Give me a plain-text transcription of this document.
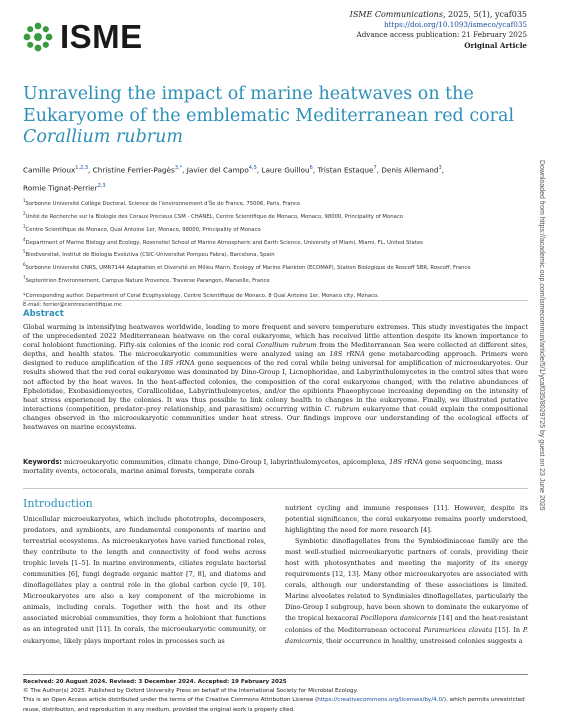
ISME
ISME Communications, 2025, 5(1), ycaf035
https://doi.org/10.1093/ismeco/ycaf035
Advance access publication: 21 February 2025
Original Article
Unraveling the impact of marine heatwaves on the Eukaryome of the emblematic Mediterranean red coral
Corallium rubrum
Camille Prioux$^{1,2,3}$, Christine Ferrier-Pagès$^{3,*}$, Javier del Campo$^{4,5}$, Laure Guillou$^6$, Tristan Estaque$^7$, Denis Allemand$^3$,
Romie Tignat-Perrier$^{2,3}$

$^1$Sorbonne Université Collège Doctoral, Science de l’environnement d’Île de France, 75006, Paris, France

$^2$Unité de Recherche sur la Biologie des Coraux Précieux CSM - CHANEL, Centre Scientifique de Monaco, Monaco, 98000, Principality of Monaco

$^3$Centre Scientifique de Monaco, Quai Antoine 1er, Monaco, 98000, Principality of Monaco

$^4$Department of Marine Biology and Ecology, Rosenstiel School of Marine Atmospheric and Earth Science, University of Miami, Miami, FL, United States

$^5$Biodiversitat, Institut de Biologia Evolutiva (CSIC-Universitat Pompeu Fabra), Barcelona, Spain

$^6$Sorbonne Université CNRS, UMR7144 Adaptation et Diversité en Milieu Marin, Ecology of Marine Plankton (ECOMAP), Station Biologique de Roscoff SBR, Roscoff, France

$^7$Septentrion Environnement, Campus Nature Provence, Traverse Parangon, Marseille, France

*Corresponding author. Department of Coral Ecophysiology, Centre Scientifique de Monaco, 8 Quai Antoine 1er, Monaco city, Monaco.

E-mail: ferrier@centrescientifique.mc	Downloaded from https://academic.oup.com/ismecommun/article/5/1/ycaf035/8029725 by guest on 23 June 2025
Abstract
Global warming is intensifying heatwaves worldwide, leading to more frequent and severe temperature extremes. This study investigates the impact of the unprecedented 2022 Mediterranean heatwave on the coral eukaryome, which has received little attention despite its known importance to coral holobiont functioning. Fifty-six colonies of the iconic red coral Corallium rubrum from the Mediterranean Sea were collected at different sites, depths, and health states. The microeukaryotic communities were analyzed using an 18S rRNA gene metabarcoding approach. Primers were designed to reduce amplification of the 18S rRNA gene sequences of the red coral while being universal for amplification of microeukaryotes. Our results showed that the red coral eukaryome was dominated by Dino-Group I, Licnophoridae, and Labyrinthulomycetes in the control sites that were not affected by the heat waves. In the heat-affected colonies, the composition of the coral eukaryome changed, with the relative abundances of Ephelotidae, Exobasidiomycetes, Corallicolidae, Labyrinthulomycetes, and/or the epibionts Phaeophyceae increasing depending on the intensity of heat stress experienced by the colonies. It was thus possible to link colony health to changes in the eukaryome. Finally, we illustrated putative interactions (competition, predator–prey relationship, and parasitism) occurring within C. rubrum eukaryome that could explain the compositional changes observed in the microeukaryotic communities under heat stress. Our findings improve our understanding of the ecological effects of heatwaves on marine ecosystems.
Keywords: microeukaryotic communities, climate change, Dino-Group I, labyrinthulomycetes, apicomplexa, 18S rRNA gene sequencing, mass mortality events, octocorals, marine animal forests, temperate corals
Introduction

Unicellular microeukaryotes, which include phototrophs, decomposers, predators, and symbionts, are fundamental components of marine and terrestrial ecosystems. As microeukaryotes have varied functional roles, they contribute to the length and connectivity of food webs across trophic levels [1–5]. In marine environments, ciliates regulate bacterial communities [6], fungi degrade organic matter [7, 8], and diatoms and dinoflagellates play a central role in the global carbon cycle [9, 10]. Microeukaryotes are also a key component of the microbiome in animals, including corals. Together with the host and its other associated microbial communities, they form a holobiont that functions as an integrated unit [11]. In corals, the microeukaryotic community, or eukaryome, likely plays important roles in processes such as

nutrient cycling and immune responses [11]. However, despite its potential significance, the coral eukaryome remains poorly understood, highlighting the need for more research [4].

Symbiotic dinoflagellates from the Symbiodiniaceae family are the most well-studied microeukaryotic partners of corals, providing their host with photosynthates and meeting the majority of its energy requirements [12, 13]. Many other microeukaryotes are associated with corals, although our understanding of these associations is limited. Marine alveolates related to Syndiniales dinoflagellates, particularly the Dino-Group I subgroup, have been shown to dominate the eukaryome of the tropical hexacoral Pocillopora damicornis [14] and the heat-resistant colonies of the Mediterranean octocoral Paramuricea clavata [15]. In P. damicornis, their occurrence in healthy, unstressed colonies suggests a

Received: 20 August 2024. Revised: 3 December 2024. Accepted: 19 February 2025

© The Author(s) 2025. Published by Oxford University Press on behalf of the International Society for Microbial Ecology.

This is an Open Access article distributed under the terms of the Creative Commons Attribution License (https://creativecommons.org/licenses/by/4.0/), which permits unrestricted reuse, distribution, and reproduction in any medium, provided the original work is properly cited.
